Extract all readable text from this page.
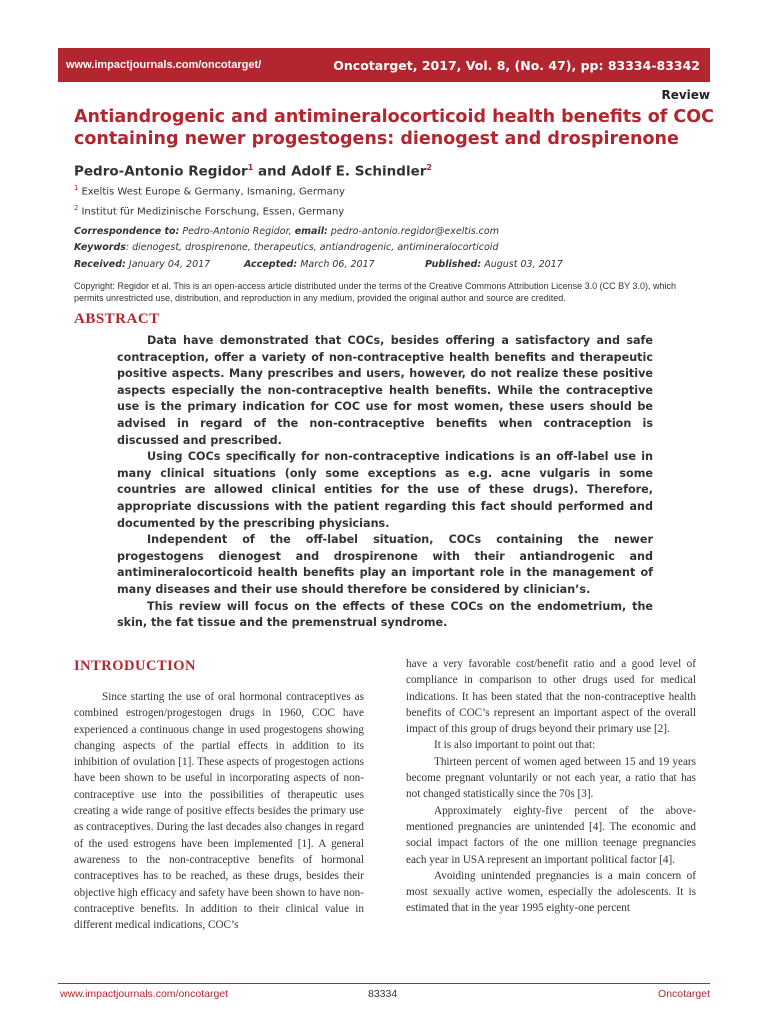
www.impactjournals.com/oncotarget/	Oncotarget, 2017, Vol. 8, (No. 47), pp: 83334-83342
Review
Antiandrogenic and antimineralocorticoid health benefits of COC containing newer progestogens: dienogest and drospirenone
Pedro-Antonio Regidor$^1$ and Adolf E. Schindler$^2$
$^1$ Exeltis West Europe & Germany, Ismaning, Germany
$^2$ Institut für Medizinische Forschung, Essen, Germany
Correspondence to: Pedro-Antonio Regidor, email: pedro-antonio.regidor@exeltis.com
Keywords: dienogest, drospirenone, therapeutics, antiandrogenic, antimineralocorticoid
Received: January 04, 2017	Accepted: March 06, 2017	Published: August 03, 2017
Copyright: Regidor et al. This is an open-access article distributed under the terms of the Creative Commons Attribution License 3.0 (CC BY 3.0), which permits unrestricted use, distribution, and reproduction in any medium, provided the original author and source are credited.
ABSTRACT

Data have demonstrated that COCs, besides offering a satisfactory and safe contraception, offer a variety of non-contraceptive health benefits and therapeutic positive aspects. Many prescribes and users, however, do not realize these positive aspects especially the non-contraceptive health benefits. While the contraceptive use is the primary indication for COC use for most women, these users should be advised in regard of the non-contraceptive benefits when contraception is discussed and prescribed.

Using COCs specifically for non-contraceptive indications is an off-label use in many clinical situations (only some exceptions as e.g. acne vulgaris in some countries are allowed clinical entities for the use of these drugs). Therefore, appropriate discussions with the patient regarding this fact should performed and documented by the prescribing physicians.

Independent of the off-label situation, COCs containing the newer progestogens dienogest and drospirenone with their antiandrogenic and antimineralocorticoid health benefits play an important role in the management of many diseases and their use should therefore be considered by clinician’s.

This review will focus on the effects of these COCs on the endometrium, the skin, the fat tissue and the premenstrual syndrome.

INTRODUCTION

Since starting the use of oral hormonal contraceptives as combined estrogen/progestogen drugs in 1960, COC have experienced a continuous change in used progestogens showing changing aspects of the partial effects in addition to its inhibition of ovulation [1]. These aspects of progestogen actions have been shown to be useful in incorporating aspects of non-contraceptive use into the possibilities of therapeutic uses creating a wide range of positive effects besides the primary use as contraceptives. During the last decades also changes in regard of the used estrogens have been implemented [1]. A general awareness to the non-contraceptive benefits of hormonal contraceptives has to be reached, as these drugs, besides their objective high efficacy and safety have been shown to have non-contraceptive benefits. In addition to their clinical value in different medical indications, COC’s

have a very favorable cost/benefit ratio and a good level of compliance in comparison to other drugs used for medical indications. It has been stated that the non-contraceptive health benefits of COC’s represent an important aspect of the overall impact of this group of drugs beyond their primary use [2].

It is also important to point out that:

Thirteen percent of women aged between 15 and 19 years become pregnant voluntarily or not each year, a ratio that has not changed statistically since the 70s [3].

Approximately eighty-five percent of the above-mentioned pregnancies are unintended [4]. The economic and social impact factors of the one million teenage pregnancies each year in USA represent an important political factor [4].

Avoiding unintended pregnancies is a main concern of most sexually active women, especially the adolescents. It is estimated that in the year 1995 eighty-one percent

www.impactjournals.com/oncotarget	83334	Oncotarget
